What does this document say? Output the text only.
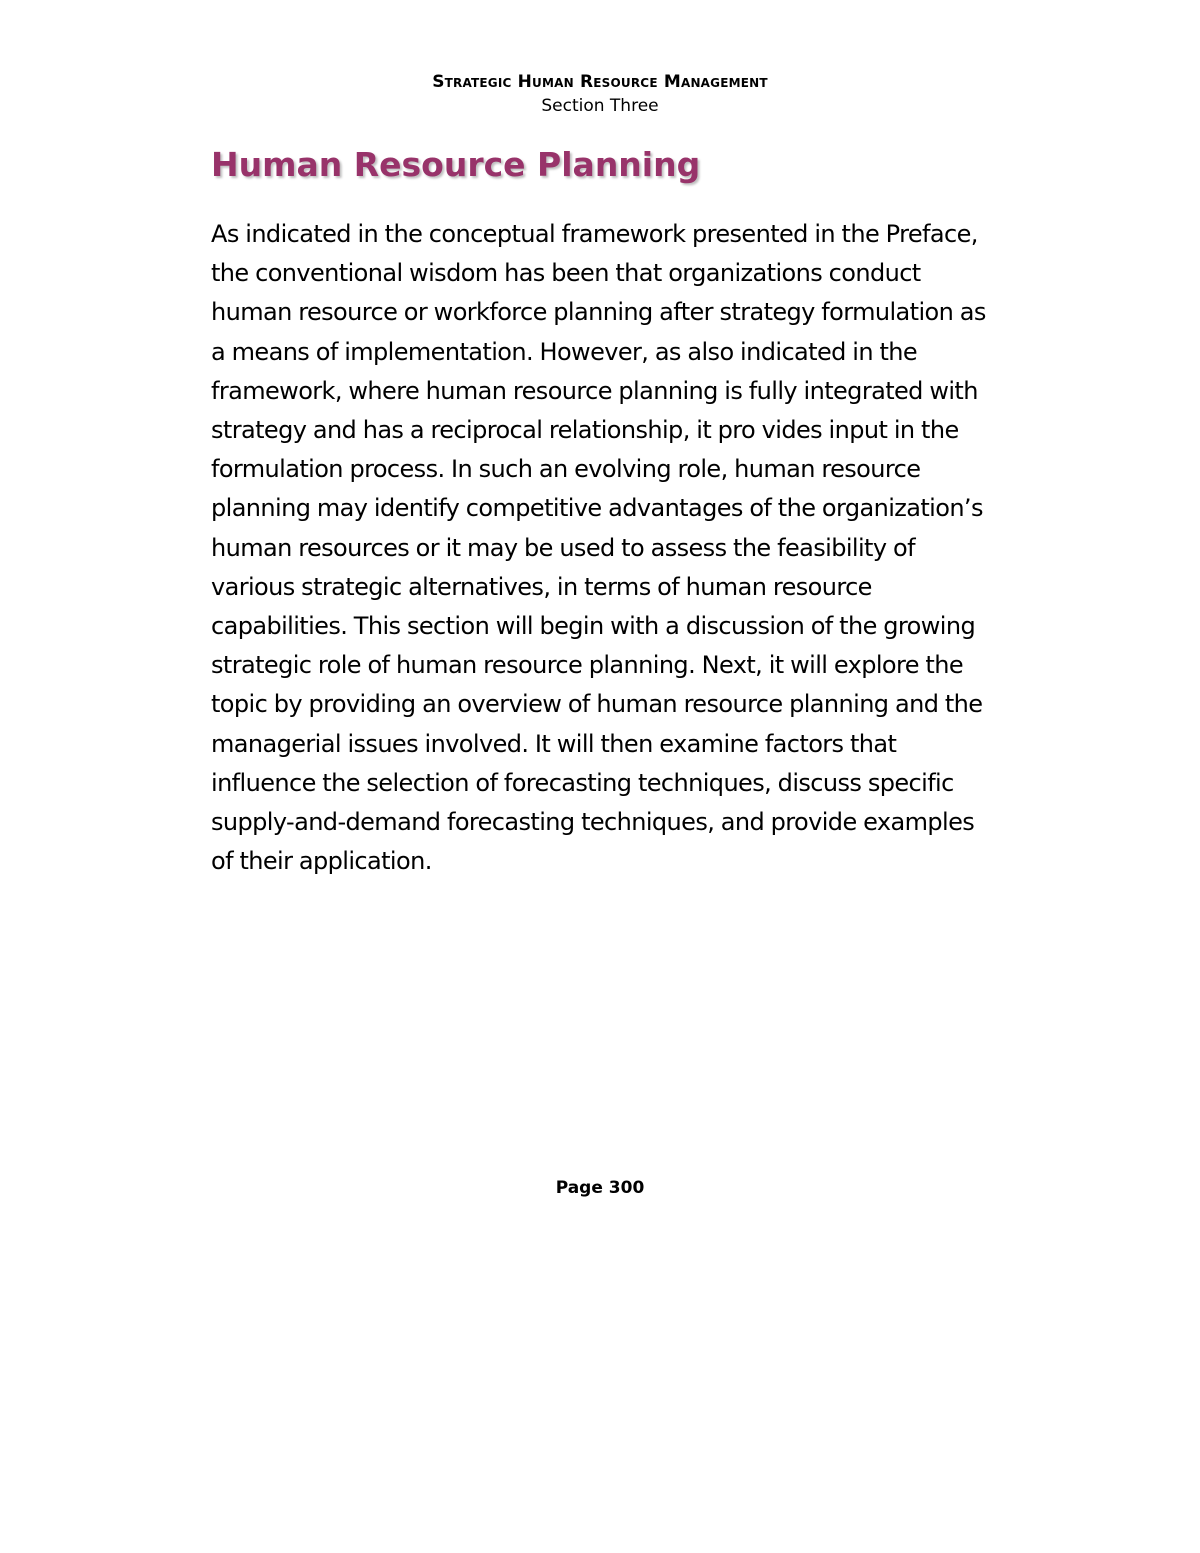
Strategic Human Resource Management
Section Three
Human Resource Planning

As indicated in the conceptual framework presented in the Preface, the conventional wisdom has been that organizations conduct human resource or workforce planning after strategy formulation as a means of implementation. However, as also indicated in the framework, where human resource planning is fully integrated with strategy and has a reciprocal relationship, it pro vides input in the formulation process. In such an evolving role, human resource planning may identify competitive advantages of the organization’s human resources or it may be used to assess the feasibility of various strategic alternatives, in terms of human resource capabilities. This section will begin with a discussion of the growing strategic role of human resource planning. Next, it will explore the topic by providing an overview of human resource planning and the managerial issues involved. It will then examine factors that influence the selection of forecasting techniques, discuss specific supply-and-demand forecasting techniques, and provide examples of their application.

Page 300
